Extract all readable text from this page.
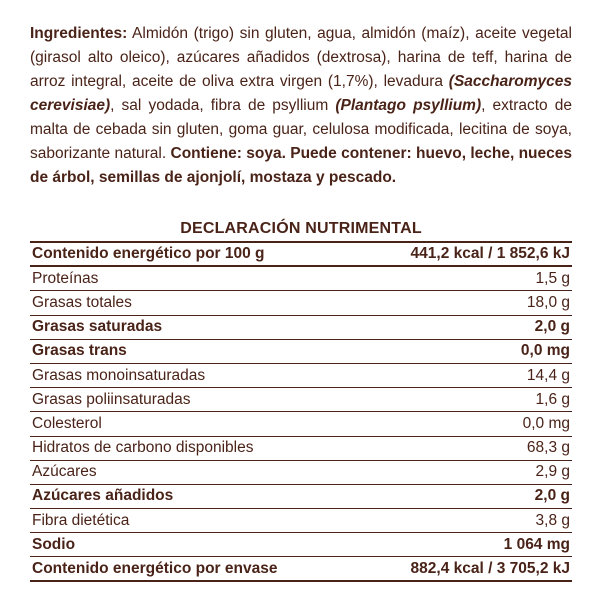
Ingredientes: Almidón (trigo) sin gluten, agua, almidón (maíz), aceite vegetal (girasol alto oleico), azúcares añadidos (dextrosa), harina de teff, harina de arroz integral, aceite de oliva extra virgen (1,7%), levadura (Saccharomyces cerevisiae), sal yodada, fibra de psyllium (Plantago psyllium), extracto de malta de cebada sin gluten, goma guar, celulosa modificada, lecitina de soya, saborizante natural. Contiene: soya. Puede contener: huevo, leche, nueces de árbol, semillas de ajonjolí, mostaza y pescado.
DECLARACIÓN NUTRIMENTAL
Contenido energético por 100 g	441,2 kcal / 1 852,6 kJ
Proteínas	1,5 g
Grasas totales	18,0 g
Grasas saturadas	2,0 g
Grasas trans	0,0 mg
Grasas monoinsaturadas	14,4 g
Grasas poliinsaturadas	1,6 g
Colesterol	0,0 mg
Hidratos de carbono disponibles	68,3 g
Azúcares	2,9 g
Azúcares añadidos	2,0 g
Fibra dietética	3,8 g
Sodio	1 064 mg
Contenido energético por envase	882,4 kcal / 3 705,2 kJ
